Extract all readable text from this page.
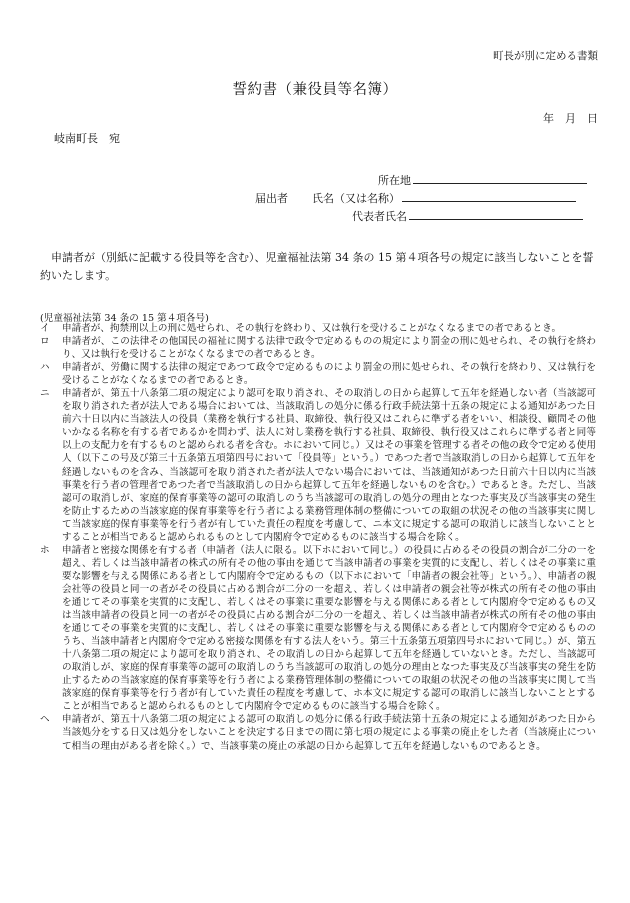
町長が別に定める書類
誓約書（兼役員等名簿）
年　月　日
岐南町長　宛
所在地
届出者 氏名（又は名称）
代表者氏名

申請者が（別紙に記載する役員等を含む）、児童福祉法第 34 条の 15 第４項各号の規定に該当しないことを誓約いたします。

(児童福祉法第 34 条の 15 第４項各号)
イ	申請者が、拘禁刑以上の刑に処せられ、その執行を終わり、又は執行を受けることがなくなるまでの者であるとき。
ロ	申請者が、この法律その他国民の福祉に関する法律で政令で定めるものの規定により罰金の刑に処せられ、その執行を終わり、又は執行を受けることがなくなるまでの者であるとき。
ハ	申請者が、労働に関する法律の規定であつて政令で定めるものにより罰金の刑に処せられ、その執行を終わり、又は執行を受けることがなくなるまでの者であるとき。
ニ	申請者が、第五十八条第二項の規定により認可を取り消され、その取消しの日から起算して五年を経過しない者（当該認可を取り消された者が法人である場合においては、当該取消しの処分に係る行政手続法第十五条の規定による通知があつた日前六十日以内に当該法人の役員（業務を執行する社員、取締役、執行役又はこれらに準ずる者をいい、相談役、顧問その他いかなる名称を有する者であるかを問わず、法人に対し業務を執行する社員、取締役、執行役又はこれらに準ずる者と同等以上の支配力を有するものと認められる者を含む。ホにおいて同じ。）又はその事業を管理する者その他の政令で定める使用人（以下この号及び第三十五条第五項第四号において「役員等」という。）であつた者で当該取消しの日から起算して五年を経過しないものを含み、当該認可を取り消された者が法人でない場合においては、当該通知があつた日前六十日以内に当該事業を行う者の管理者であつた者で当該取消しの日から起算して五年を経過しないものを含む。）であるとき。ただし、当該認可の取消しが、家庭的保育事業等の認可の取消しのうち当該認可の取消しの処分の理由となつた事実及び当該事実の発生を防止するための当該家庭的保育事業等を行う者による業務管理体制の整備についての取組の状況その他の当該事実に関して当該家庭的保育事業等を行う者が有していた責任の程度を考慮して、ニ本文に規定する認可の取消しに該当しないこととすることが相当であると認められるものとして内閣府令で定めるものに該当する場合を除く。
ホ	申請者と密接な関係を有する者（申請者（法人に限る。以下ホにおいて同じ。）の役員に占めるその役員の割合が二分の一を超え、若しくは当該申請者の株式の所有その他の事由を通じて当該申請者の事業を実質的に支配し、若しくはその事業に重要な影響を与える関係にある者として内閣府令で定めるもの（以下ホにおいて「申請者の親会社等」という。）、申請者の親会社等の役員と同一の者がその役員に占める割合が二分の一を超え、若しくは申請者の親会社等が株式の所有その他の事由を通じてその事業を実質的に支配し、若しくはその事業に重要な影響を与える関係にある者として内閣府令で定めるもの又は当該申請者の役員と同一の者がその役員に占める割合が二分の一を超え、若しくは当該申請者が株式の所有その他の事由を通じてその事業を実質的に支配し、若しくはその事業に重要な影響を与える関係にある者として内閣府令で定めるもののうち、当該申請者と内閣府令で定める密接な関係を有する法人をいう。第三十五条第五項第四号ホにおいて同じ。）が、第五十八条第二項の規定により認可を取り消され、その取消しの日から起算して五年を経過していないとき。ただし、当該認可の取消しが、家庭的保育事業等の認可の取消しのうち当該認可の取消しの処分の理由となつた事実及び当該事実の発生を防止するための当該家庭的保育事業等を行う者による業務管理体制の整備についての取組の状況その他の当該事実に関して当該家庭的保育事業等を行う者が有していた責任の程度を考慮して、ホ本文に規定する認可の取消しに該当しないこととすることが相当であると認められるものとして内閣府令で定めるものに該当する場合を除く。
ヘ	申請者が、第五十八条第二項の規定による認可の取消しの処分に係る行政手続法第十五条の規定による通知があつた日から当該処分をする日又は処分をしないことを決定する日までの間に第七項の規定による事業の廃止をした者（当該廃止について相当の理由がある者を除く。）で、当該事業の廃止の承認の日から起算して五年を経過しないものであるとき。
